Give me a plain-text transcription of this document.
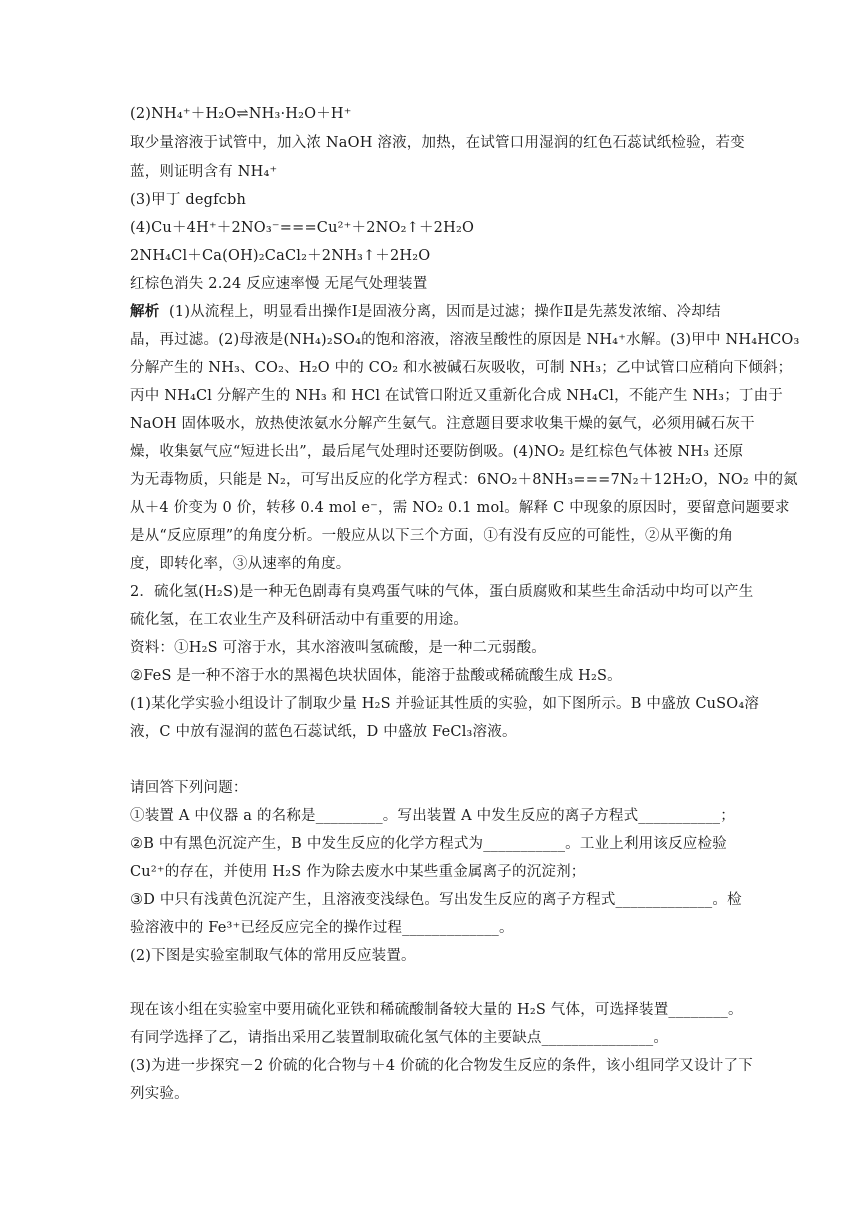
(2)NH₄⁺＋H₂O⇌NH₃·H₂O＋H⁺
取少量溶液于试管中，加入浓 NaOH 溶液，加热，在试管口用湿润的红色石蕊试纸检验，若变
蓝，则证明含有 NH₄⁺
(3)甲丁 degfcbh
(4)Cu＋4H⁺＋2NO₃⁻===Cu²⁺＋2NO₂↑＋2H₂O
2NH₄Cl＋Ca(OH)₂CaCl₂＋2NH₃↑＋2H₂O
红棕色消失 2.24 反应速率慢 无尾气处理装置
解析 (1)从流程上，明显看出操作Ⅰ是固液分离，因而是过滤；操作Ⅱ是先蒸发浓缩、冷却结
晶，再过滤。(2)母液是(NH₄)₂SO₄的饱和溶液，溶液呈酸性的原因是 NH₄⁺水解。(3)甲中 NH₄HCO₃
分解产生的 NH₃、CO₂、H₂O 中的 CO₂ 和水被碱石灰吸收，可制 NH₃；乙中试管口应稍向下倾斜；
丙中 NH₄Cl 分解产生的 NH₃ 和 HCl 在试管口附近又重新化合成 NH₄Cl，不能产生 NH₃；丁由于
NaOH 固体吸水，放热使浓氨水分解产生氨气。注意题目要求收集干燥的氨气，必须用碱石灰干
燥，收集氨气应“短进长出”，最后尾气处理时还要防倒吸。(4)NO₂ 是红棕色气体被 NH₃ 还原
为无毒物质，只能是 N₂，可写出反应的化学方程式：6NO₂＋8NH₃===7N₂＋12H₂O，NO₂ 中的氮
从＋4 价变为 0 价，转移 0.4 mol e⁻，需 NO₂ 0.1 mol。解释 C 中现象的原因时，要留意问题要求
是从“反应原理”的角度分析。一般应从以下三个方面，①有没有反应的可能性，②从平衡的角
度，即转化率，③从速率的角度。
2．硫化氢(H₂S)是一种无色剧毒有臭鸡蛋气味的气体，蛋白质腐败和某些生命活动中均可以产生
硫化氢，在工农业生产及科研活动中有重要的用途。
资料：①H₂S 可溶于水，其水溶液叫氢硫酸，是一种二元弱酸。
②FeS 是一种不溶于水的黑褐色块状固体，能溶于盐酸或稀硫酸生成 H₂S。
(1)某化学实验小组设计了制取少量 H₂S 并验证其性质的实验，如下图所示。B 中盛放 CuSO₄溶
液，C 中放有湿润的蓝色石蕊试纸，D 中盛放 FeCl₃溶液。
请回答下列问题：
①装置 A 中仪器 a 的名称是_________。写出装置 A 中发生反应的离子方程式___________；
②B 中有黑色沉淀产生，B 中发生反应的化学方程式为___________。工业上利用该反应检验
Cu²⁺的存在，并使用 H₂S 作为除去废水中某些重金属离子的沉淀剂；
③D 中只有浅黄色沉淀产生，且溶液变浅绿色。写出发生反应的离子方程式_____________。检
验溶液中的 Fe³⁺已经反应完全的操作过程_____________。
(2)下图是实验室制取气体的常用反应装置。
现在该小组在实验室中要用硫化亚铁和稀硫酸制备较大量的 H₂S 气体，可选择装置________。
有同学选择了乙，请指出采用乙装置制取硫化氢气体的主要缺点_______________。
(3)为进一步探究－2 价硫的化合物与＋4 价硫的化合物发生反应的条件，该小组同学又设计了下
列实验。
